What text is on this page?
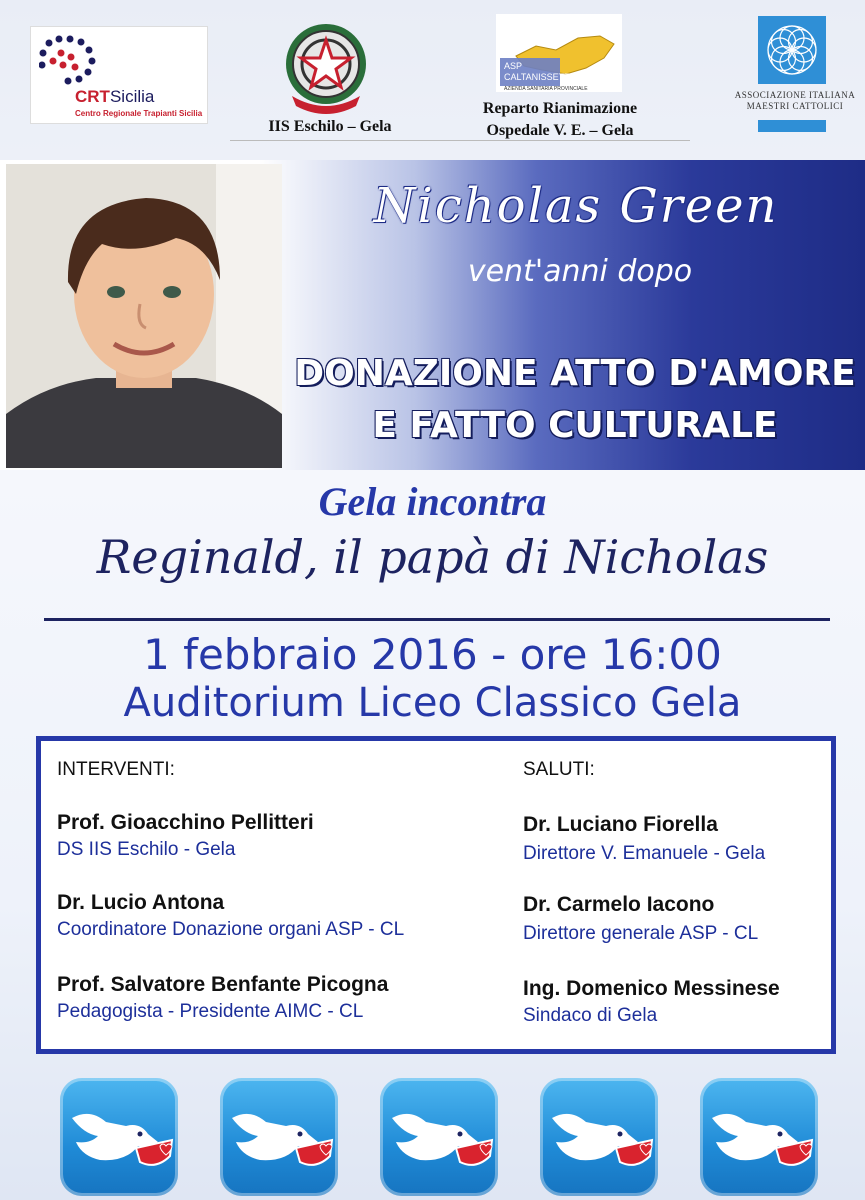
CRTSicilia
Centro Regionale Trapianti Sicilia
IIS Eschilo – Gela
ASP
CALTANISSETTA
AZIENDA SANITARIA PROVINCIALE
Reparto Rianimazione
Ospedale V. E. – Gela
ASSOCIAZIONE ITALIANA
MAESTRI CATTOLICI
Nicholas Green
vent'anni dopo
DONAZIONE ATTO D'AMORE
E FATTO CULTURALE
Gela incontra
Reginald, il papà di Nicholas
1 febbraio 2016 - ore 16:00
Auditorium Liceo Classico Gela
INTERVENTI:	SALUTI:
Prof. Gioacchino Pellitteri
DS IIS Eschilo - Gela
Dr. Lucio Antona
Coordinatore Donazione organi ASP - CL
Prof. Salvatore Benfante Picogna
Pedagogista - Presidente AIMC - CL
Dr. Luciano Fiorella
Direttore V. Emanuele - Gela
Dr. Carmelo Iacono
Direttore generale ASP - CL
Ing. Domenico Messinese
Sindaco di Gela
